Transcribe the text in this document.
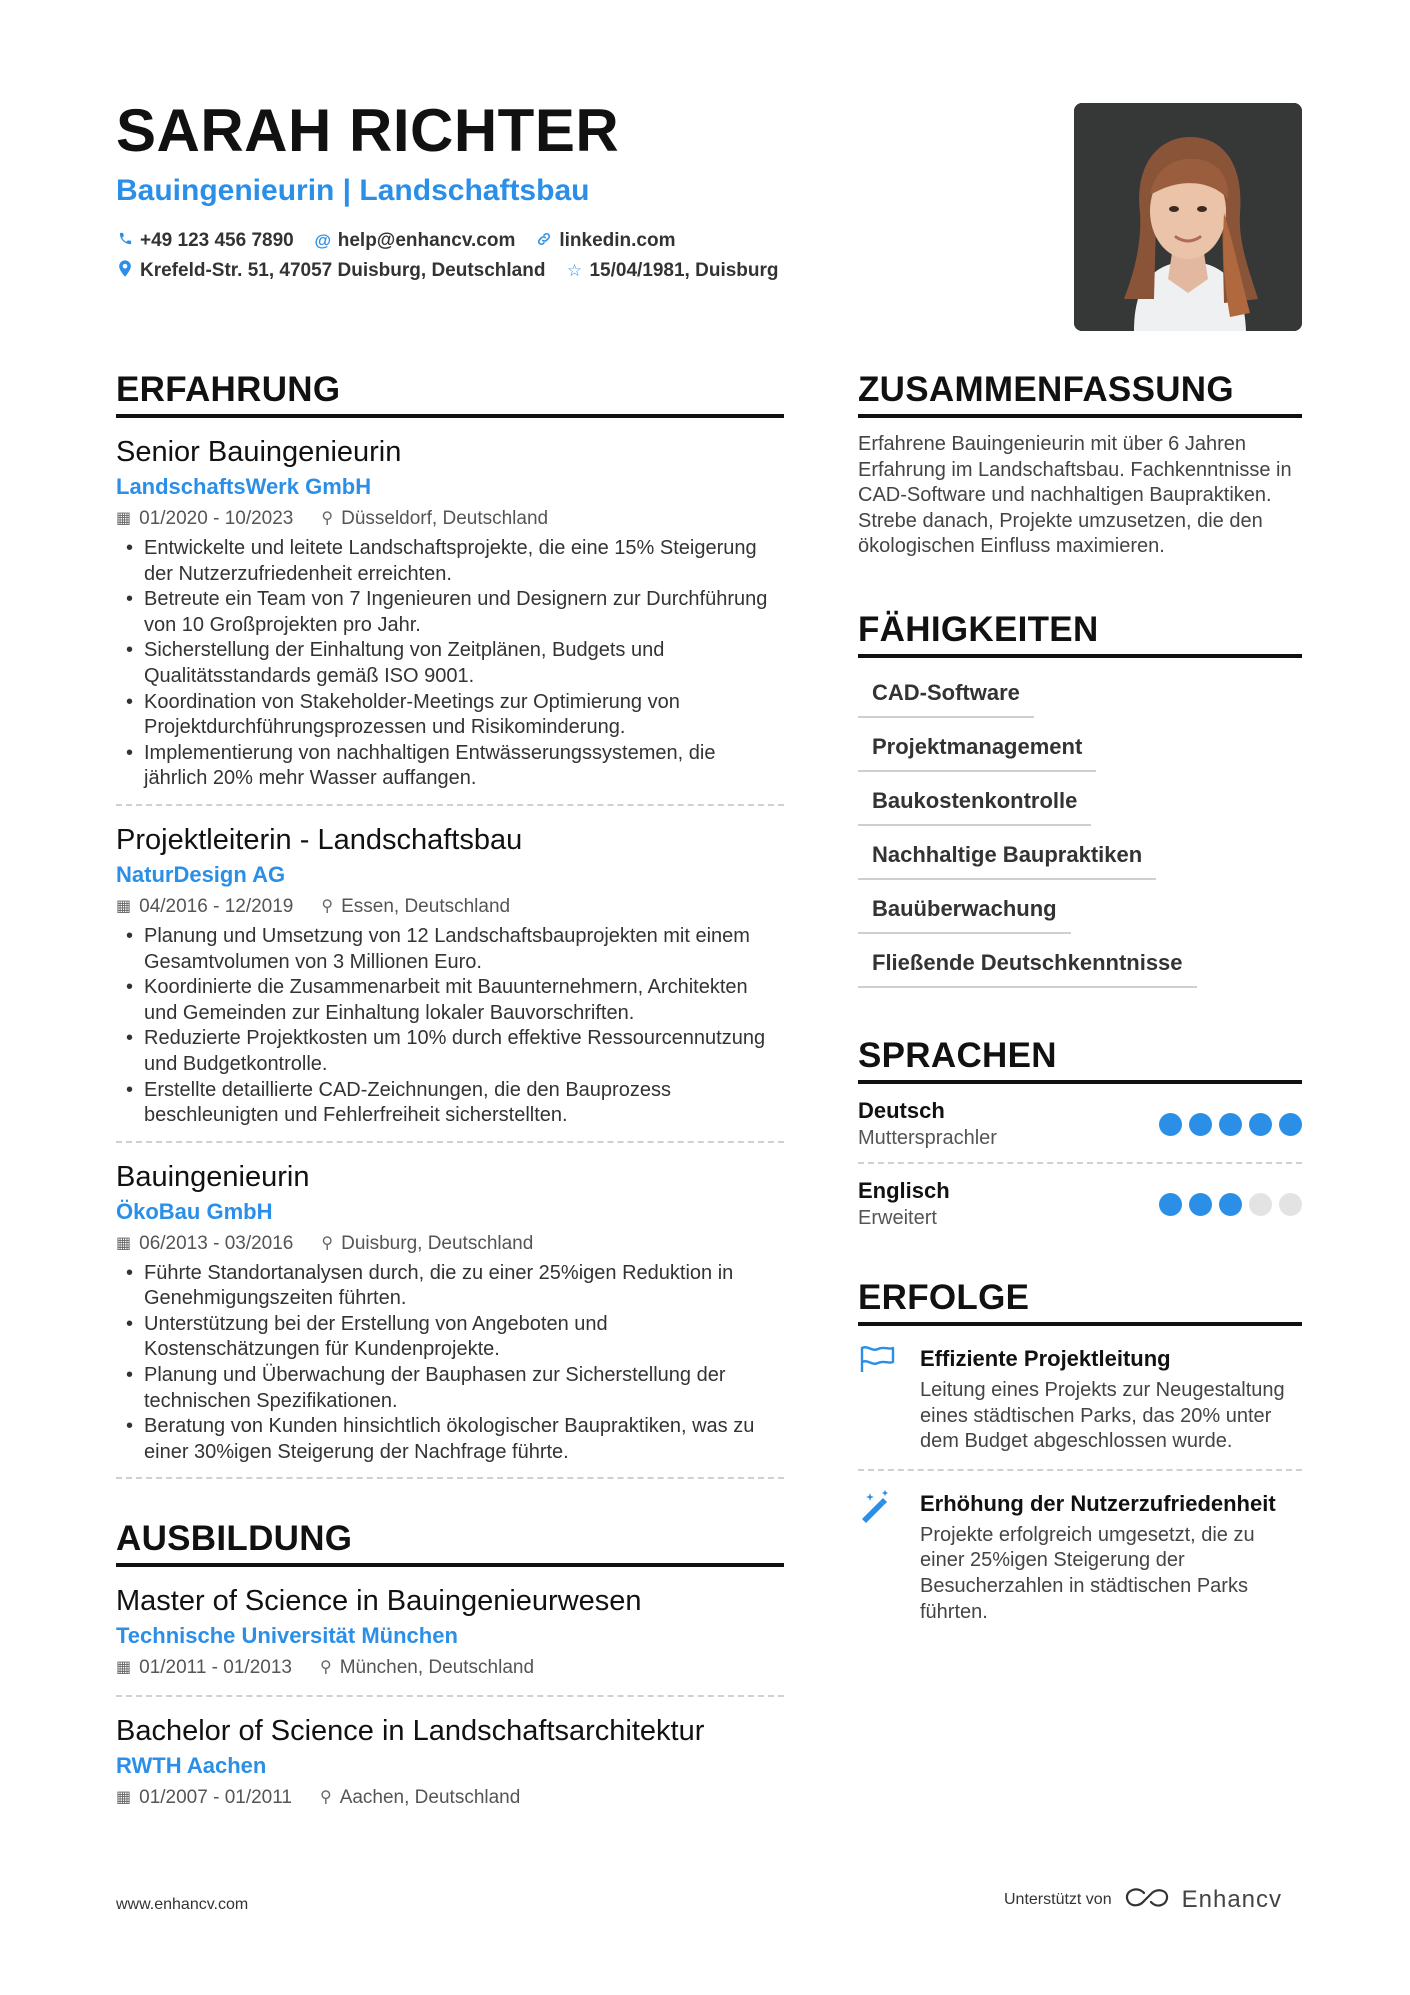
SARAH RICHTER
Bauingenieurin | Landschaftsbau
+49 123 456 7890 @ help@enhancv.com linkedin.com
Krefeld-Str. 51, 47057 Duisburg, Deutschland ☆ 15/04/1981, Duisburg
ERFAHRUNG
Senior Bauingenieurin
LandschaftsWerk GmbH
▦ 01/2020 - 10/2023 ⚲ Düsseldorf, Deutschland
• Entwickelte und leitete Landschaftsprojekte, die eine 15% Steigerung der Nutzerzufriedenheit erreichten.
• Betreute ein Team von 7 Ingenieuren und Designern zur Durchführung von 10 Großprojekten pro Jahr.
• Sicherstellung der Einhaltung von Zeitplänen, Budgets und Qualitätsstandards gemäß ISO 9001.
• Koordination von Stakeholder-Meetings zur Optimierung von Projektdurchführungsprozessen und Risikominderung.
• Implementierung von nachhaltigen Entwässerungssystemen, die jährlich 20% mehr Wasser auffangen.
Projektleiterin - Landschaftsbau
NaturDesign AG
▦ 04/2016 - 12/2019 ⚲ Essen, Deutschland
• Planung und Umsetzung von 12 Landschaftsbauprojekten mit einem Gesamtvolumen von 3 Millionen Euro.
• Koordinierte die Zusammenarbeit mit Bauunternehmern, Architekten und Gemeinden zur Einhaltung lokaler Bauvorschriften.
• Reduzierte Projektkosten um 10% durch effektive Ressourcennutzung und Budgetkontrolle.
• Erstellte detaillierte CAD-Zeichnungen, die den Bauprozess beschleunigten und Fehlerfreiheit sicherstellten.
Bauingenieurin
ÖkoBau GmbH
▦ 06/2013 - 03/2016 ⚲ Duisburg, Deutschland
• Führte Standortanalysen durch, die zu einer 25%igen Reduktion in Genehmigungszeiten führten.
• Unterstützung bei der Erstellung von Angeboten und Kostenschätzungen für Kundenprojekte.
• Planung und Überwachung der Bauphasen zur Sicherstellung der technischen Spezifikationen.
• Beratung von Kunden hinsichtlich ökologischer Baupraktiken, was zu einer 30%igen Steigerung der Nachfrage führte.
AUSBILDUNG
Master of Science in Bauingenieurwesen
Technische Universität München
▦ 01/2011 - 01/2013 ⚲ München, Deutschland
Bachelor of Science in Landschaftsarchitektur
RWTH Aachen
▦ 01/2007 - 01/2011 ⚲ Aachen, Deutschland
ZUSAMMENFASSUNG
Erfahrene Bauingenieurin mit über 6 Jahren Erfahrung im Landschaftsbau. Fachkenntnisse in CAD-Software und nachhaltigen Baupraktiken. Strebe danach, Projekte umzusetzen, die den ökologischen Einfluss maximieren.
FÄHIGKEITEN
CAD-Software
Projektmanagement
Baukostenkontrolle
Nachhaltige Baupraktiken
Bauüberwachung
Fließende Deutschkenntnisse
SPRACHEN
Deutsch
Muttersprachler
Englisch
Erweitert
ERFOLGE
Effiziente Projektleitung
Leitung eines Projekts zur Neugestaltung eines städtischen Parks, das 20% unter dem Budget abgeschlossen wurde.
Erhöhung der Nutzerzufriedenheit
Projekte erfolgreich umgesetzt, die zu einer 25%igen Steigerung der Besucherzahlen in städtischen Parks führten.
www.enhancv.com	Unterstützt von	Enhancv
